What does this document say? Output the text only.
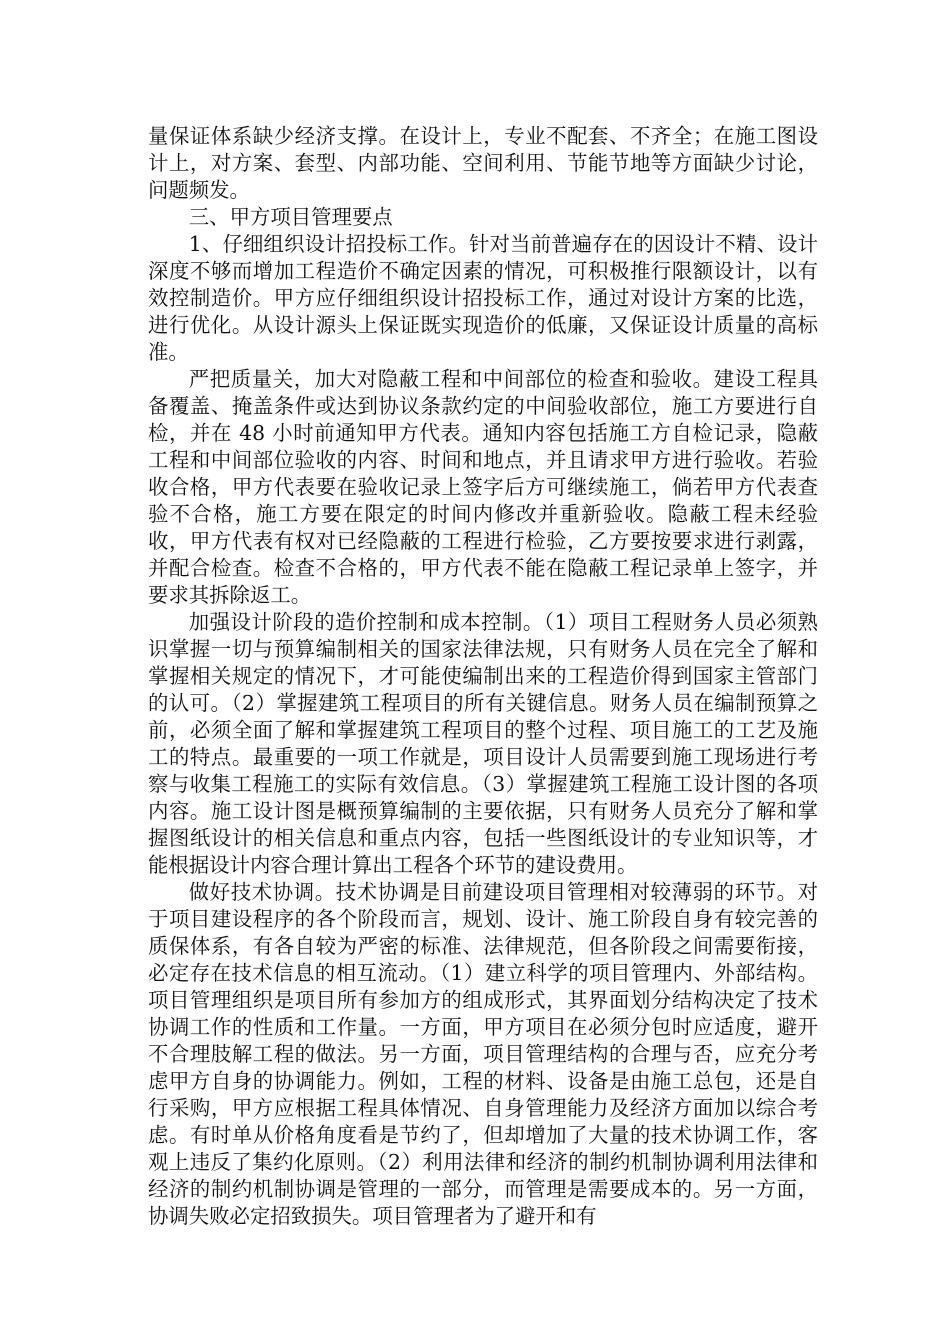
量保证体系缺少经济支撑。在设计上，专业不配套、不齐全；在施工图设计上，对方案、套型、内部功能、空间利用、节能节地等方面缺少讨论，问题频发。

三、甲方项目管理要点

1、仔细组织设计招投标工作。针对当前普遍存在的因设计不精、设计深度不够而增加工程造价不确定因素的情况，可积极推行限额设计，以有效控制造价。甲方应仔细组织设计招投标工作，通过对设计方案的比选，进行优化。从设计源头上保证既实现造价的低廉，又保证设计质量的高标准。

严把质量关，加大对隐蔽工程和中间部位的检查和验收。建设工程具备覆盖、掩盖条件或达到协议条款约定的中间验收部位，施工方要进行自检，并在 48 小时前通知甲方代表。通知内容包括施工方自检记录，隐蔽工程和中间部位验收的内容、时间和地点，并且请求甲方进行验收。若验收合格，甲方代表要在验收记录上签字后方可继续施工，倘若甲方代表查验不合格，施工方要在限定的时间内修改并重新验收。隐蔽工程未经验收，甲方代表有权对已经隐蔽的工程进行检验，乙方要按要求进行剥露，并配合检查。检查不合格的，甲方代表不能在隐蔽工程记录单上签字，并要求其拆除返工。

加强设计阶段的造价控制和成本控制。（1）项目工程财务人员必须熟识掌握一切与预算编制相关的国家法律法规，只有财务人员在完全了解和掌握相关规定的情况下，才可能使编制出来的工程造价得到国家主管部门的认可。（2）掌握建筑工程项目的所有关键信息。财务人员在编制预算之前，必须全面了解和掌握建筑工程项目的整个过程、项目施工的工艺及施工的特点。最重要的一项工作就是，项目设计人员需要到施工现场进行考察与收集工程施工的实际有效信息。（3）掌握建筑工程施工设计图的各项内容。施工设计图是概预算编制的主要依据，只有财务人员充分了解和掌握图纸设计的相关信息和重点内容，包括一些图纸设计的专业知识等，才能根据设计内容合理计算出工程各个环节的建设费用。

做好技术协调。技术协调是目前建设项目管理相对较薄弱的环节。对于项目建设程序的各个阶段而言，规划、设计、施工阶段自身有较完善的质保体系，有各自较为严密的标准、法律规范，但各阶段之间需要衔接，必定存在技术信息的相互流动。（1）建立科学的项目管理内、外部结构。项目管理组织是项目所有参加方的组成形式，其界面划分结构决定了技术协调工作的性质和工作量。一方面，甲方项目在必须分包时应适度，避开不合理肢解工程的做法。另一方面，项目管理结构的合理与否，应充分考虑甲方自身的协调能力。例如，工程的材料、设备是由施工总包，还是自行采购，甲方应根据工程具体情况、自身管理能力及经济方面加以综合考虑。有时单从价格角度看是节约了，但却增加了大量的技术协调工作，客观上违反了集约化原则。（2）利用法律和经济的制约机制协调利用法律和经济的制约机制协调是管理的一部分，而管理是需要成本的。另一方面，协调失败必定招致损失。项目管理者为了避开和有
